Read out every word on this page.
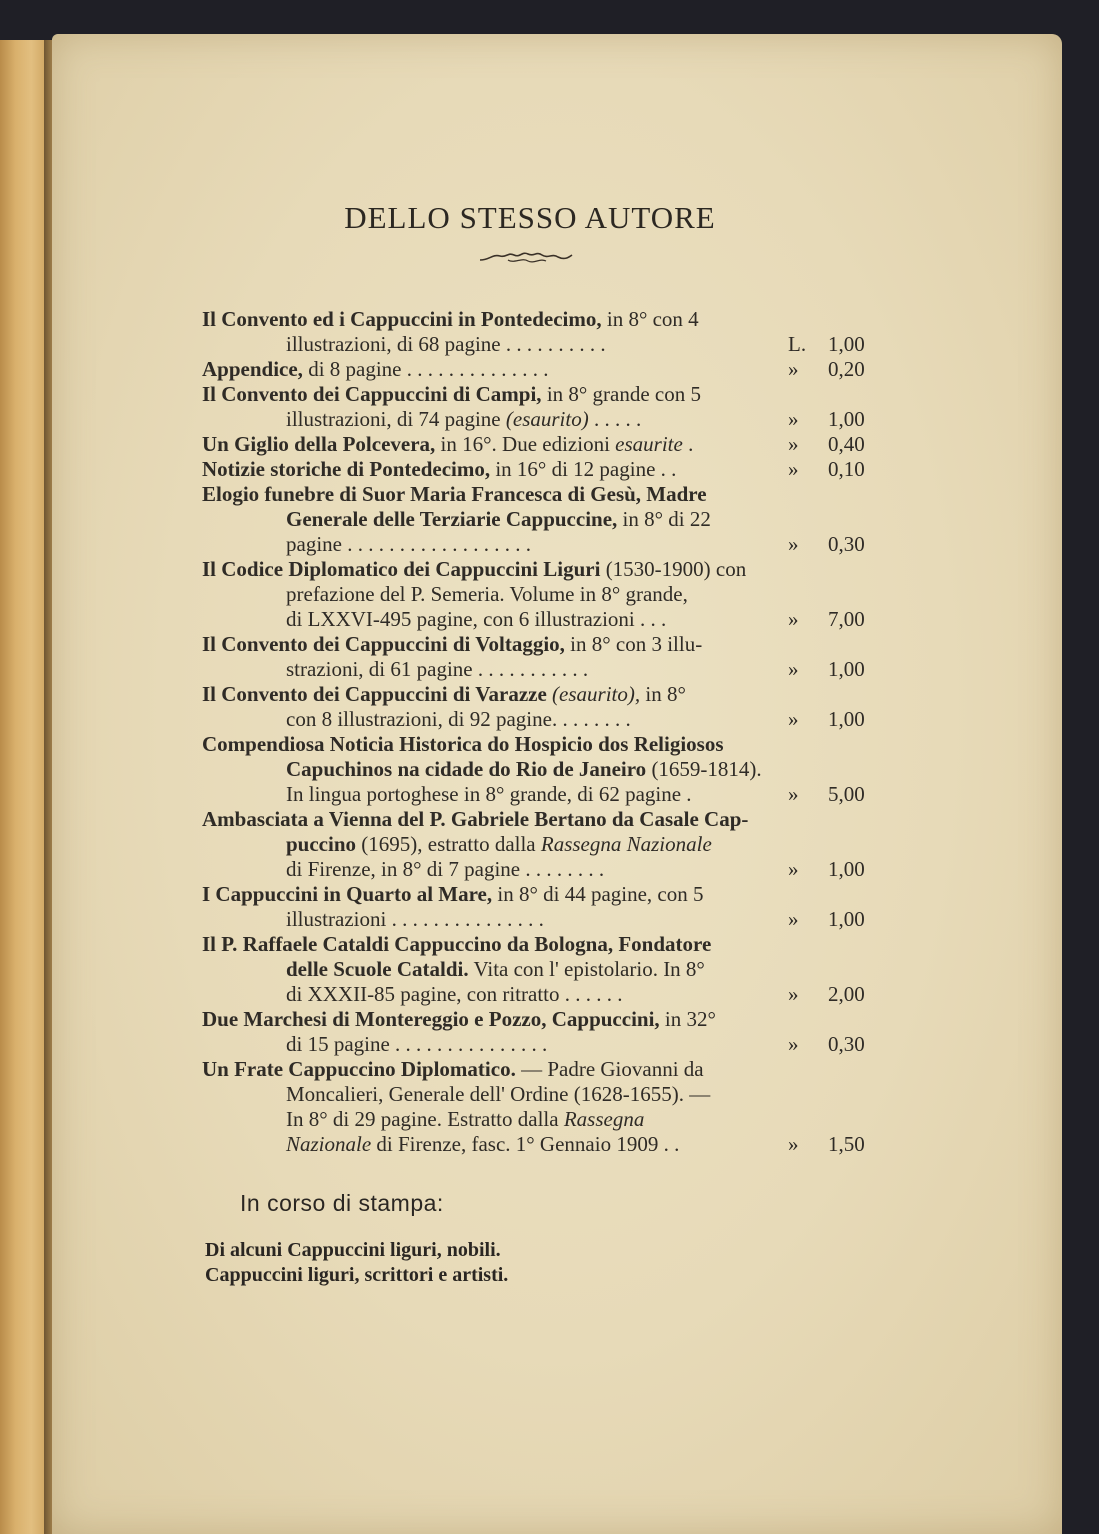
DELLO STESSO AUTORE
Il Convento ed i Cappuccini in Pontedecimo, in 8° con 4
illustrazioni, di 68 pagine . . . . . . . . . .	L. 1,00
Appendice, di 8 pagine . . . . . . . . . . . . . .	» 0,20
Il Convento dei Cappuccini di Campi, in 8° grande con 5
illustrazioni, di 74 pagine (esaurito) . . . . .	» 1,00
Un Giglio della Polcevera, in 16°. Due edizioni esaurite .	» 0,40
Notizie storiche di Pontedecimo, in 16° di 12 pagine . .	» 0,10
Elogio funebre di Suor Maria Francesca di Gesù, Madre
Generale delle Terziarie Cappuccine, in 8° di 22
pagine . . . . . . . . . . . . . . . . . .	» 0,30
Il Codice Diplomatico dei Cappuccini Liguri (1530-1900) con
prefazione del P. Semeria. Volume in 8° grande,
di LXXVI-495 pagine, con 6 illustrazioni . . .	» 7,00
Il Convento dei Cappuccini di Voltaggio, in 8° con 3 illu-
strazioni, di 61 pagine . . . . . . . . . . .	» 1,00
Il Convento dei Cappuccini di Varazze (esaurito), in 8°
con 8 illustrazioni, di 92 pagine. . . . . . . .	» 1,00
Compendiosa Noticia Historica do Hospicio dos Religiosos
Capuchinos na cidade do Rio de Janeiro (1659-1814).
In lingua portoghese in 8° grande, di 62 pagine .	» 5,00
Ambasciata a Vienna del P. Gabriele Bertano da Casale Cap-
puccino (1695), estratto dalla Rassegna Nazionale
di Firenze, in 8° di 7 pagine . . . . . . . .	» 1,00
I Cappuccini in Quarto al Mare, in 8° di 44 pagine, con 5
illustrazioni . . . . . . . . . . . . . . .	» 1,00
Il P. Raffaele Cataldi Cappuccino da Bologna, Fondatore
delle Scuole Cataldi. Vita con l' epistolario. In 8°
di XXXII-85 pagine, con ritratto . . . . . .	» 2,00
Due Marchesi di Montereggio e Pozzo, Cappuccini, in 32°
di 15 pagine . . . . . . . . . . . . . . .	» 0,30
Un Frate Cappuccino Diplomatico. — Padre Giovanni da
Moncalieri, Generale dell' Ordine (1628-1655). —
In 8° di 29 pagine. Estratto dalla Rassegna
Nazionale di Firenze, fasc. 1° Gennaio 1909 . .	» 1,50
In corso di stampa:
Di alcuni Cappuccini liguri, nobili.
Cappuccini liguri, scrittori e artisti.
